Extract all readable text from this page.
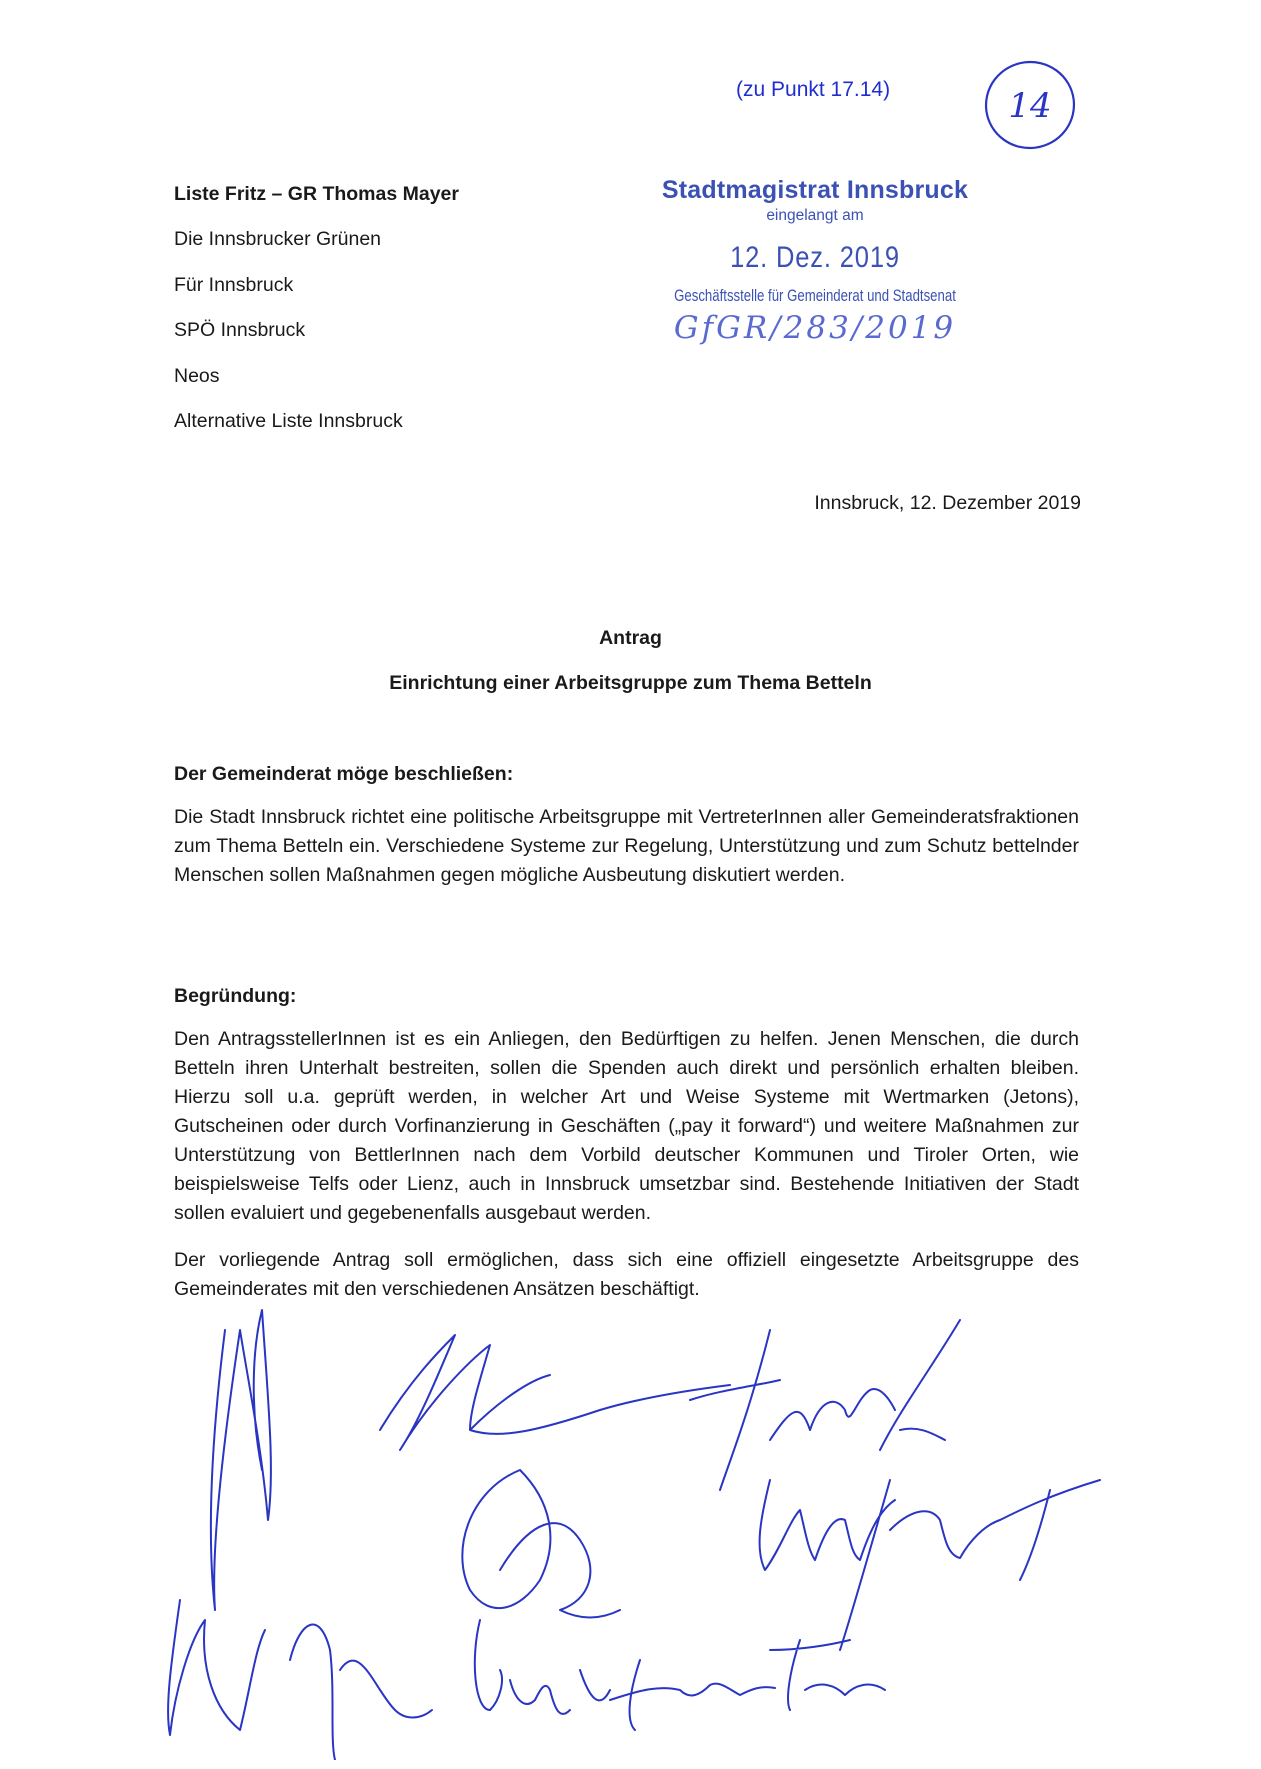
(zu Punkt 17.14)	14
Liste Fritz – GR Thomas Mayer
Die Innsbrucker Grünen
Für Innsbruck
SPÖ Innsbruck
Neos
Alternative Liste Innsbruck
Stadtmagistrat Innsbruck
eingelangt am
12. Dez. 2019
Geschäftsstelle für Gemeinderat und Stadtsenat
GfGR/283/2019
Innsbruck, 12. Dezember 2019
Antrag
Einrichtung einer Arbeitsgruppe zum Thema Betteln
Der Gemeinderat möge beschließen:
Die Stadt Innsbruck richtet eine politische Arbeitsgruppe mit VertreterInnen aller Gemeinderatsfraktionen zum Thema Betteln ein. Verschiedene Systeme zur Regelung, Unterstützung und zum Schutz bettelnder Menschen sollen Maßnahmen gegen mögliche Ausbeutung diskutiert werden.
Begründung:
Den AntragsstellerInnen ist es ein Anliegen, den Bedürftigen zu helfen. Jenen Menschen, die durch Betteln ihren Unterhalt bestreiten, sollen die Spenden auch direkt und persönlich erhalten bleiben. Hierzu soll u.a. geprüft werden, in welcher Art und Weise Systeme mit Wertmarken (Jetons), Gutscheinen oder durch Vorfinanzierung in Geschäften („pay it forward“) und weitere Maßnahmen zur Unterstützung von BettlerInnen nach dem Vorbild deutscher Kommunen und Tiroler Orten, wie beispielsweise Telfs oder Lienz, auch in Innsbruck umsetzbar sind. Bestehende Initiativen der Stadt sollen evaluiert und gegebenenfalls ausgebaut werden.
Der vorliegende Antrag soll ermöglichen, dass sich eine offiziell eingesetzte Arbeitsgruppe des Gemeinderates mit den verschiedenen Ansätzen beschäftigt.
